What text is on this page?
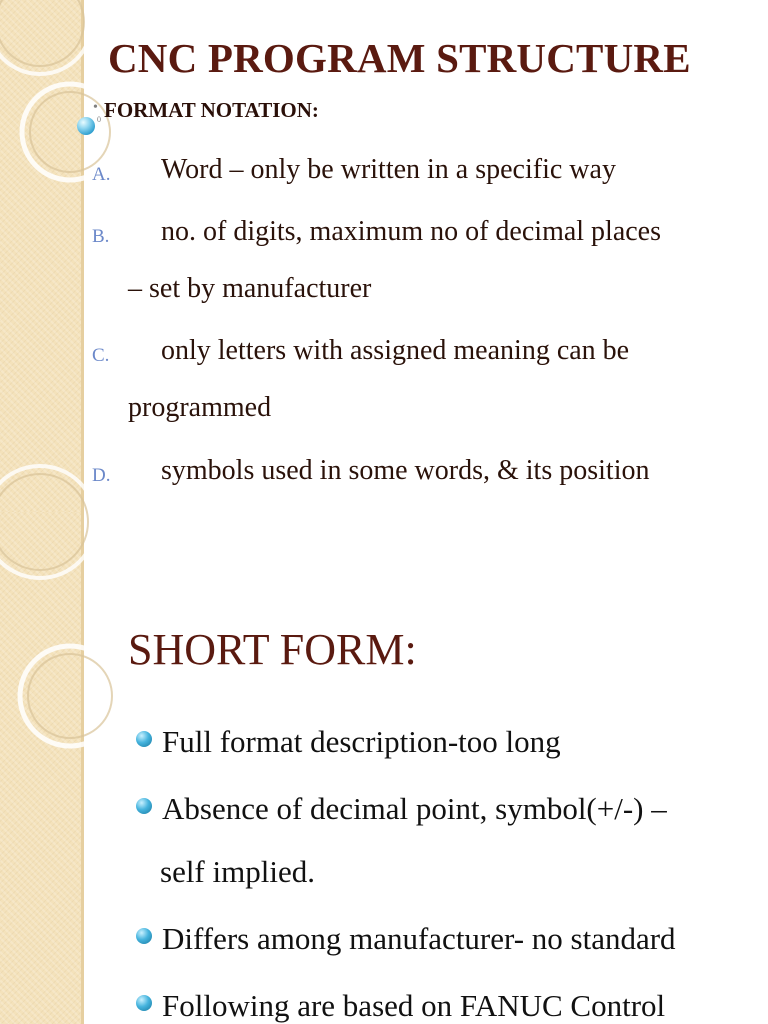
CNC PROGRAM STRUCTURE
•
0 FORMAT NOTATION:
A. Word – only be written in a specific way
B. no. of digits, maximum no of decimal places
– set by manufacturer
C. only letters with assigned meaning can be
programmed
D. symbols used in some words, & its position
SHORT FORM:
Full format description-too long
Absence of decimal point, symbol(+/-) –
self implied.
Differs among manufacturer- no standard
Following are based on FANUC Control
